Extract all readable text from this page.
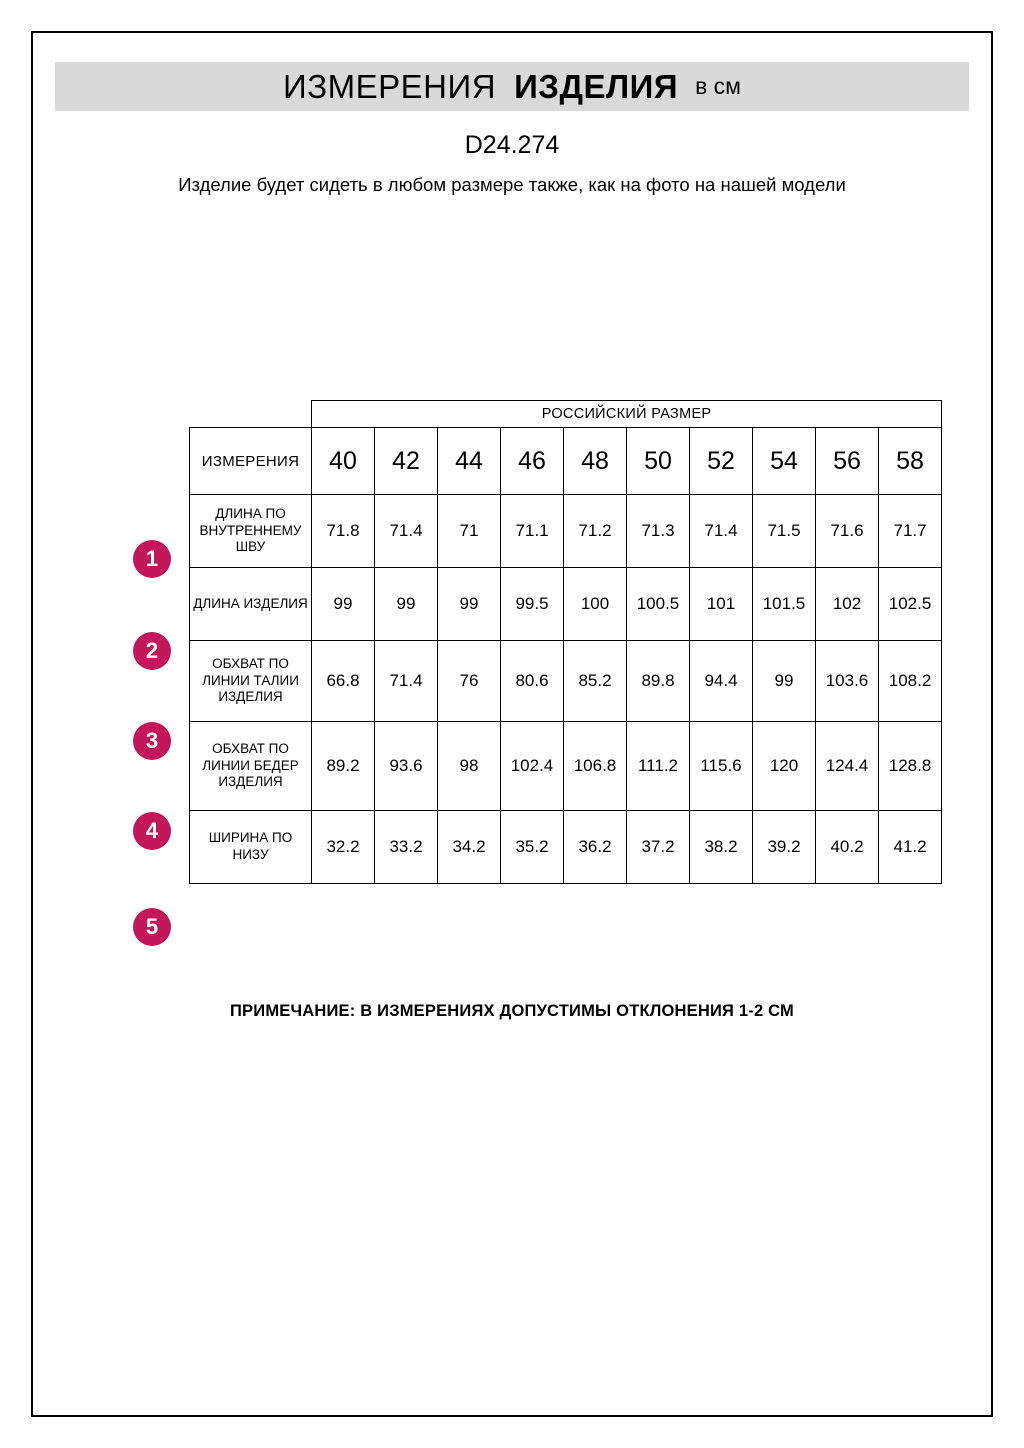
ИЗМЕРЕНИЯ ИЗДЕЛИЯ в см
D24.274
Изделие будет сидеть в любом размере также, как на фото на нашей модели
1
2
3
4
5
	РОССИЙСКИЙ РАЗМЕР									
ИЗМЕРЕНИЯ	40	42	44	46	48	50	52	54	56	58
ДЛИНА ПО ВНУТРЕННЕМУ ШВУ	71.8	71.4	71	71.1	71.2	71.3	71.4	71.5	71.6	71.7
ДЛИНА ИЗДЕЛИЯ	99	99	99	99.5	100	100.5	101	101.5	102	102.5
ОБХВАТ ПО ЛИНИИ ТАЛИИ ИЗДЕЛИЯ	66.8	71.4	76	80.6	85.2	89.8	94.4	99	103.6	108.2
ОБХВАТ ПО ЛИНИИ БЕДЕР ИЗДЕЛИЯ	89.2	93.6	98	102.4	106.8	111.2	115.6	120	124.4	128.8
ШИРИНА ПО НИЗУ	32.2	33.2	34.2	35.2	36.2	37.2	38.2	39.2	40.2	41.2
ПРИМЕЧАНИЕ: В ИЗМЕРЕНИЯХ ДОПУСТИМЫ ОТКЛОНЕНИЯ 1-2 СМ
